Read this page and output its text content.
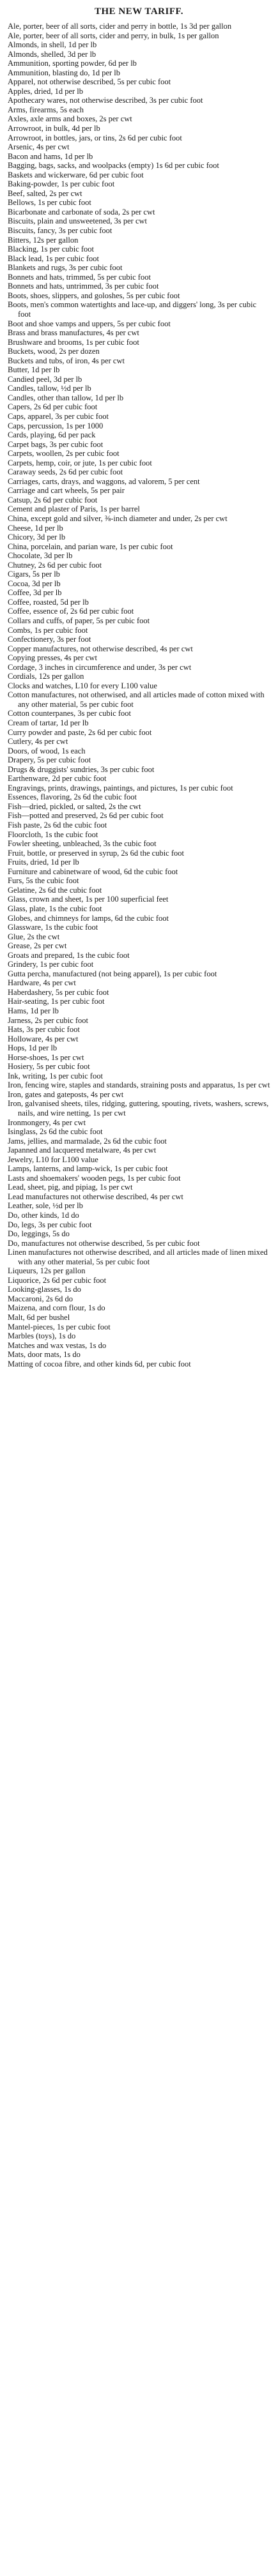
THE NEW TARIFF.

Ale, porter, beer of all sorts, cider and perry in bottle, 1s 3d per gallon

Ale, porter, beer of all sorts, cider and perry, in bulk, 1s per gallon

Almonds, in shell, 1d per lb

Almonds, shelled, 3d per lb

Ammunition, sporting powder, 6d per lb

Ammunition, blasting do, 1d per lb

Apparel, not otherwise described, 5s per cubic foot

Apples, dried, 1d per lb

Apothecary wares, not otherwise described, 3s per cubic foot

Arms, firearms, 5s each

Axles, axle arms and boxes, 2s per cwt

Arrowroot, in bulk, 4d per lb

Arrowroot, in bottles, jars, or tins, 2s 6d per cubic foot

Arsenic, 4s per cwt

Bacon and hams, 1d per lb

Bagging, bags, sacks, and woolpacks (empty) 1s 6d per cubic foot

Baskets and wickerware, 6d per cubic foot

Baking-powder, 1s per cubic foot

Beef, salted, 2s per cwt

Bellows, 1s per cubic foot

Bicarbonate and carbonate of soda, 2s per cwt

Biscuits, plain and unsweetened, 3s per cwt

Biscuits, fancy, 3s per cubic foot

Bitters, 12s per gallon

Blacking, 1s per cubic foot

Black lead, 1s per cubic foot

Blankets and rugs, 3s per cubic foot

Bonnets and hats, trimmed, 5s per cubic foot

Bonnets and hats, untrimmed, 3s per cubic foot

Boots, shoes, slippers, and goloshes, 5s per cubic foot

Boots, men's common watertights and lace-up, and diggers' long, 3s per cubic foot

Boot and shoe vamps and uppers, 5s per cubic foot

Brass and brass manufactures, 4s per cwt

Brushware and brooms, 1s per cubic foot

Buckets, wood, 2s per dozen

Buckets and tubs, of iron, 4s per cwt

Butter, 1d per lb

Candied peel, 3d per lb

Candles, tallow, ½d per lb

Candles, other than tallow, 1d per lb

Capers, 2s 6d per cubic foot

Caps, apparel, 3s per cubic foot

Caps, percussion, 1s per 1000

Cards, playing, 6d per pack

Carpet bags, 3s per cubic foot

Carpets, woollen, 2s per cubic foot

Carpets, hemp, coir, or jute, 1s per cubic foot

Caraway seeds, 2s 6d per cubic foot

Carriages, carts, drays, and waggons, ad valorem, 5 per cent

Carriage and cart wheels, 5s per pair

Catsup, 2s 6d per cubic foot

Cement and plaster of Paris, 1s per barrel

China, except gold and silver, ⅜-inch diameter and under, 2s per cwt

Cheese, 1d per lb

Chicory, 3d per lb

China, porcelain, and parian ware, 1s per cubic foot

Chocolate, 3d per lb

Chutney, 2s 6d per cubic foot

Cigars, 5s per lb

Cocoa, 3d per lb

Coffee, 3d per lb

Coffee, roasted, 5d per lb

Coffee, essence of, 2s 6d per cubic foot

Collars and cuffs, of paper, 5s per cubic foot

Combs, 1s per cubic foot

Confectionery, 3s per foot

Copper manufactures, not otherwise described, 4s per cwt

Copying presses, 4s per cwt

Cordage, 3 inches in circumference and under, 3s per cwt

Cordials, 12s per gallon

Clocks and watches, L10 for every L100 value

Cotton manufactures, not otherwised, and all articles made of cotton mixed with any other material, 5s per cubic foot

Cotton counterpanes, 3s per cubic foot

Cream of tartar, 1d per lb

Curry powder and paste, 2s 6d per cubic foot

Cutlery, 4s per cwt

Doors, of wood, 1s each

Drapery, 5s per cubic foot

Drugs & druggists' sundries, 3s per cubic foot

Earthenware, 2d per cubic foot

Engravings, prints, drawings, paintings, and pictures, 1s per cubic foot

Essences, flavoring, 2s 6d the cubic foot

Fish—dried, pickled, or salted, 2s the cwt

Fish—potted and preserved, 2s 6d per cubic foot

Fish paste, 2s 6d the cubic foot

Floorcloth, 1s the cubic foot

Fowler sheeting, unbleached, 3s the cubic foot

Fruit, bottle, or preserved in syrup, 2s 6d the cubic foot

Fruits, dried, 1d per lb

Furniture and cabinetware of wood, 6d the cubic foot

Furs, 5s the cubic foot

Gelatine, 2s 6d the cubic foot

Glass, crown and sheet, 1s per 100 superficial feet

Glass, plate, 1s the cubic foot

Globes, and chimneys for lamps, 6d the cubic foot

Glassware, 1s the cubic foot

Glue, 2s the cwt

Grease, 2s per cwt

Groats and prepared, 1s the cubic foot

Grindery, 1s per cubic foot

Gutta percha, manufactured (not being apparel), 1s per cubic foot

Hardware, 4s per cwt

Haberdashery, 5s per cubic foot

Hair-seating, 1s per cubic foot

Hams, 1d per lb

Jarness, 2s per cubic foot

Hats, 3s per cubic foot

Holloware, 4s per cwt

Hops, 1d per lb

Horse-shoes, 1s per cwt

Hosiery, 5s per cubic foot

Ink, writing, 1s per cubic foot

Iron, fencing wire, staples and standards, straining posts and apparatus, 1s per cwt

Iron, gates and gateposts, 4s per cwt

Iron, galvanised sheets, tiles, ridging, guttering, spouting, rivets, washers, screws, nails, and wire netting, 1s per cwt

Ironmongery, 4s per cwt

Isinglass, 2s 6d the cubic foot

Jams, jellies, and marmalade, 2s 6d the cubic foot

Japanned and lacquered metalware, 4s per cwt

Jewelry, L10 for L100 value

Lamps, lanterns, and lamp-wick, 1s per cubic foot

Lasts and shoemakers' wooden pegs, 1s per cubic foot

Lead, sheet, pig, and pipiag, 1s per cwt

Lead manufactures not otherwise described, 4s per cwt

Leather, sole, ½d per lb

Do, other kinds, 1d do

Do, legs, 3s per cubic foot

Do, leggings, 5s do

Do, manufactures not otherwise described, 5s per cubic foot

Linen manufactures not otherwise described, and all articles made of linen mixed with any other material, 5s per cubic foot

Liqueurs, 12s per gallon

Liquorice, 2s 6d per cubic foot

Looking-glasses, 1s do

Maccaroni, 2s 6d do

Maizena, and corn flour, 1s do

Malt, 6d per bushel

Mantel-pieces, 1s per cubic foot

Marbles (toys), 1s do

Matches and wax vestas, 1s do

Mats, door mats, 1s do

Matting of cocoa fibre, and other kinds 6d, per cubic foot
